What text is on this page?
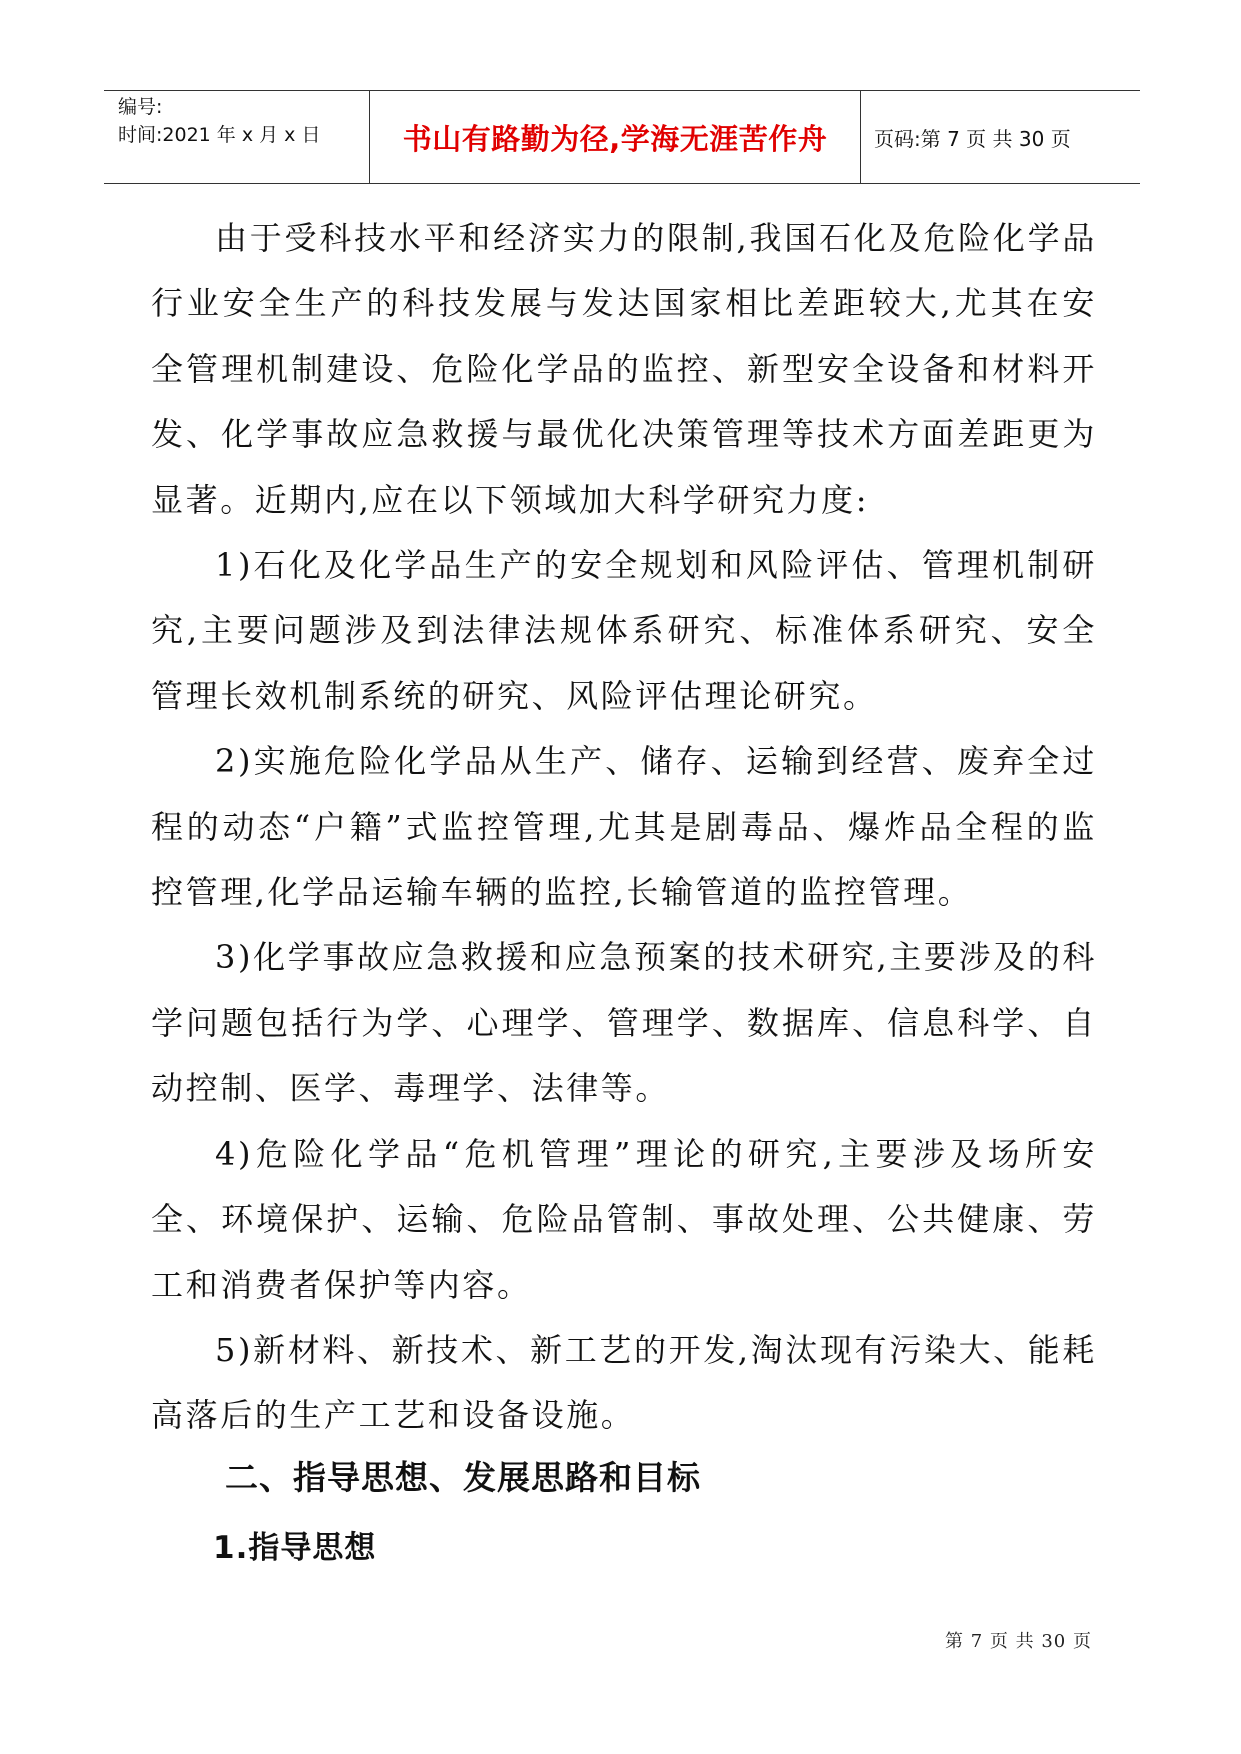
编号:
时间:2021 年 x 月 x 日	书山有路勤为径,学海无涯苦作舟	页码:第 7 页 共 30 页

由于受科技水平和经济实力的限制,我国石化及危险化学品行业安全生产的科技发展与发达国家相比差距较大,尤其在安全管理机制建设、危险化学品的监控、新型安全设备和材料开发、化学事故应急救援与最优化决策管理等技术方面差距更为显著。近期内,应在以下领域加大科学研究力度:

1)石化及化学品生产的安全规划和风险评估、管理机制研究,主要问题涉及到法律法规体系研究、标准体系研究、安全管理长效机制系统的研究、风险评估理论研究。

2)实施危险化学品从生产、储存、运输到经营、废弃全过程的动态“户籍”式监控管理,尤其是剧毒品、爆炸品全程的监控管理,化学品运输车辆的监控,长输管道的监控管理。

3)化学事故应急救援和应急预案的技术研究,主要涉及的科学问题包括行为学、心理学、管理学、数据库、信息科学、自动控制、医学、毒理学、法律等。

4)危险化学品“危机管理”理论的研究,主要涉及场所安全、环境保护、运输、危险品管制、事故处理、公共健康、劳工和消费者保护等内容。

5)新材料、新技术、新工艺的开发,淘汰现有污染大、能耗高落后的生产工艺和设备设施。

二、指导思想、发展思路和目标
1.指导思想
第 7 页 共 30 页
